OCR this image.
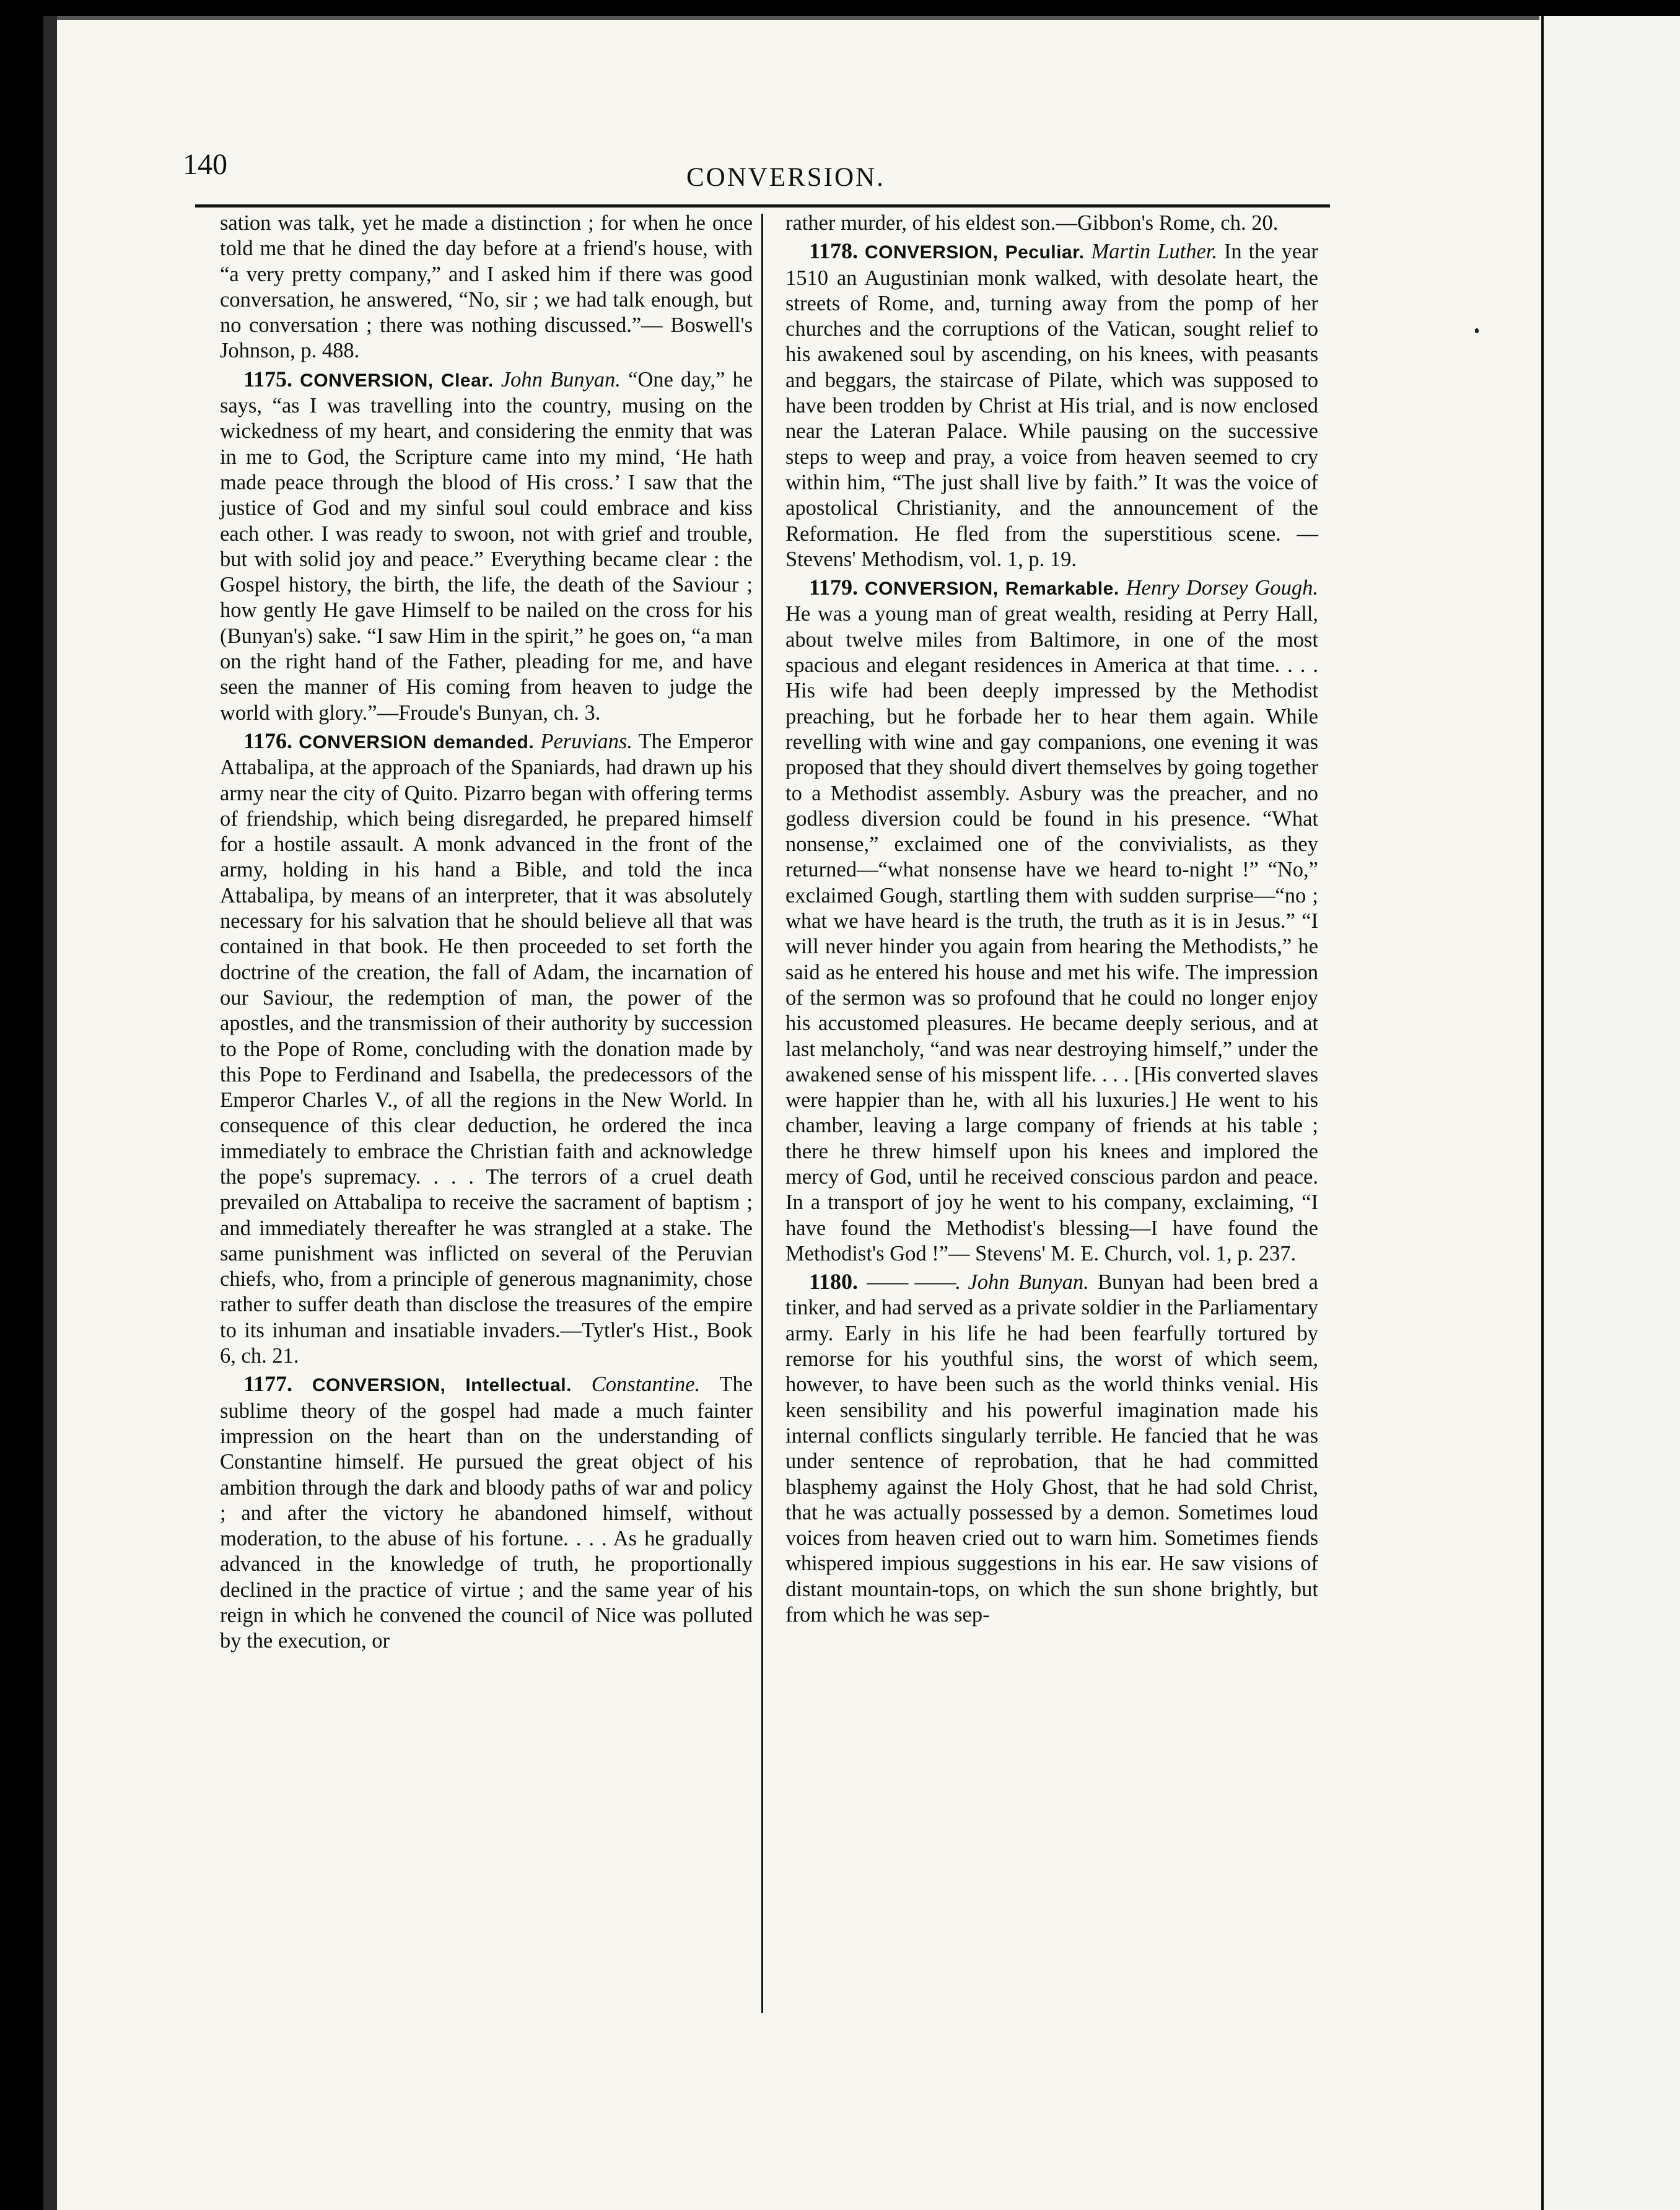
140	CONVERSION.

sation was talk, yet he made a distinction ; for when he once told me that he dined the day before at a friend's house, with “a very pretty company,” and I asked him if there was good conversation, he answered, “No, sir ; we had talk enough, but no conversation ; there was nothing discussed.”— Boswell's Johnson, p. 488.

1175. CONVERSION, Clear. John Bunyan. “One day,” he says, “as I was travelling into the country, musing on the wickedness of my heart, and considering the enmity that was in me to God, the Scripture came into my mind, ‘He hath made peace through the blood of His cross.’ I saw that the justice of God and my sinful soul could embrace and kiss each other. I was ready to swoon, not with grief and trouble, but with solid joy and peace.” Everything became clear : the Gospel history, the birth, the life, the death of the Saviour ; how gently He gave Himself to be nailed on the cross for his (Bunyan's) sake. “I saw Him in the spirit,” he goes on, “a man on the right hand of the Father, pleading for me, and have seen the manner of His coming from heaven to judge the world with glory.”—Froude's Bunyan, ch. 3.

1176. CONVERSION demanded. Peruvians. The Emperor Attabalipa, at the approach of the Spaniards, had drawn up his army near the city of Quito. Pizarro began with offering terms of friendship, which being disregarded, he prepared himself for a hostile assault. A monk advanced in the front of the army, holding in his hand a Bible, and told the inca Attabalipa, by means of an interpreter, that it was absolutely necessary for his salvation that he should believe all that was contained in that book. He then proceeded to set forth the doctrine of the creation, the fall of Adam, the incarnation of our Saviour, the redemption of man, the power of the apostles, and the transmission of their authority by succession to the Pope of Rome, concluding with the donation made by this Pope to Ferdinand and Isabella, the predecessors of the Emperor Charles V., of all the regions in the New World. In consequence of this clear deduction, he ordered the inca immediately to embrace the Christian faith and acknowledge the pope's supremacy. . . . The terrors of a cruel death prevailed on Attabalipa to receive the sacrament of baptism ; and immediately thereafter he was strangled at a stake. The same punishment was inflicted on several of the Peruvian chiefs, who, from a principle of generous magnanimity, chose rather to suffer death than disclose the treasures of the empire to its inhuman and insatiable invaders.—Tytler's Hist., Book 6, ch. 21.

1177. CONVERSION, Intellectual. Constantine. The sublime theory of the gospel had made a much fainter impression on the heart than on the understanding of Constantine himself. He pursued the great object of his ambition through the dark and bloody paths of war and policy ; and after the victory he abandoned himself, without moderation, to the abuse of his fortune. . . . As he gradually advanced in the knowledge of truth, he proportionally declined in the practice of virtue ; and the same year of his reign in which he convened the council of Nice was polluted by the execution, or

rather murder, of his eldest son.—Gibbon's Rome, ch. 20.

1178. CONVERSION, Peculiar. Martin Luther. In the year 1510 an Augustinian monk walked, with desolate heart, the streets of Rome, and, turning away from the pomp of her churches and the corruptions of the Vatican, sought relief to his awakened soul by ascending, on his knees, with peasants and beggars, the staircase of Pilate, which was supposed to have been trodden by Christ at His trial, and is now enclosed near the Lateran Palace. While pausing on the successive steps to weep and pray, a voice from heaven seemed to cry within him, “The just shall live by faith.” It was the voice of apostolical Christianity, and the announcement of the Reformation. He fled from the superstitious scene. — Stevens' Methodism, vol. 1, p. 19.

1179. CONVERSION, Remarkable. Henry Dorsey Gough. He was a young man of great wealth, residing at Perry Hall, about twelve miles from Baltimore, in one of the most spacious and elegant residences in America at that time. . . . His wife had been deeply impressed by the Methodist preaching, but he forbade her to hear them again. While revelling with wine and gay companions, one evening it was proposed that they should divert themselves by going together to a Methodist assembly. Asbury was the preacher, and no godless diversion could be found in his presence. “What nonsense,” exclaimed one of the convivialists, as they returned—“what nonsense have we heard to-night !” “No,” exclaimed Gough, startling them with sudden surprise—“no ; what we have heard is the truth, the truth as it is in Jesus.” “I will never hinder you again from hearing the Methodists,” he said as he entered his house and met his wife. The impression of the sermon was so profound that he could no longer enjoy his accustomed pleasures. He became deeply serious, and at last melancholy, “and was near destroying himself,” under the awakened sense of his misspent life. . . . [His converted slaves were happier than he, with all his luxuries.] He went to his chamber, leaving a large company of friends at his table ; there he threw himself upon his knees and implored the mercy of God, until he received conscious pardon and peace. In a transport of joy he went to his company, exclaiming, “I have found the Methodist's blessing—I have found the Methodist's God !”— Stevens' M. E. Church, vol. 1, p. 237.

1180. —— ——. John Bunyan. Bunyan had been bred a tinker, and had served as a private soldier in the Parliamentary army. Early in his life he had been fearfully tortured by remorse for his youthful sins, the worst of which seem, however, to have been such as the world thinks venial. His keen sensibility and his powerful imagination made his internal conflicts singularly terrible. He fancied that he was under sentence of reprobation, that he had committed blasphemy against the Holy Ghost, that he had sold Christ, that he was actually possessed by a demon. Sometimes loud voices from heaven cried out to warn him. Sometimes fiends whispered impious suggestions in his ear. He saw visions of distant mountain-tops, on which the sun shone brightly, but from which he was sep-
